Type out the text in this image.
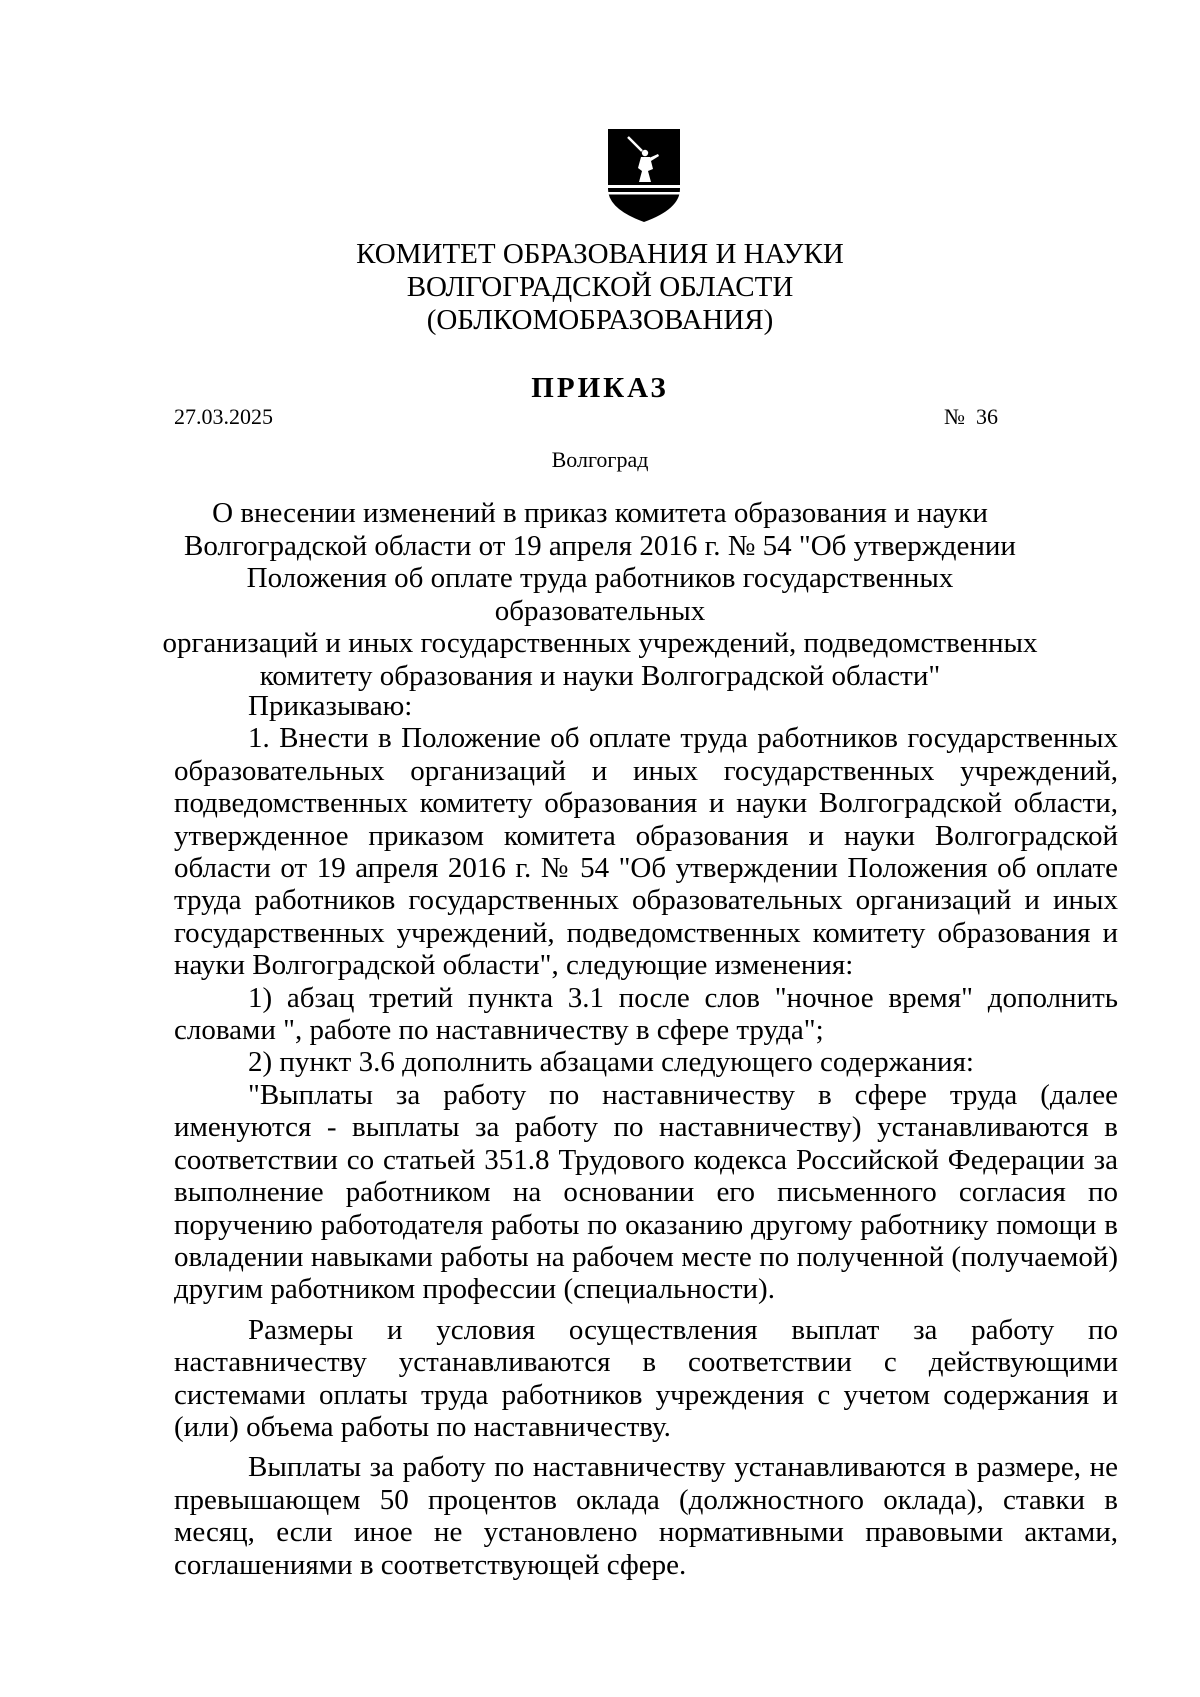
КОМИТЕТ ОБРАЗОВАНИЯ И НАУКИ
ВОЛГОГРАДСКОЙ ОБЛАСТИ
(ОБЛКОМОБРАЗОВАНИЯ)
ПРИКАЗ
27.03.2025	№  36
Волгоград
О внесении изменений в приказ комитета образования и науки
Волгоградской области от 19 апреля 2016 г. № 54 "Об утверждении
Положения об оплате труда работников государственных образовательных
организаций и иных государственных учреждений, подведомственных
комитету образования и науки Волгоградской области"

Приказываю:

1. Внести в Положение об оплате труда работников государственных образовательных организаций и иных государственных учреждений, подведомственных комитету образования и науки Волгоградской области, утвержденное приказом комитета образования и науки Волгоградской области от 19 апреля 2016 г. № 54 "Об утверждении Положения об оплате труда работников государственных образовательных организаций и иных государственных учреждений, подведомственных комитету образования и науки Волгоградской области", следующие изменения:

1) абзац третий пункта 3.1 после слов "ночное время" дополнить словами ", работе по наставничеству в сфере труда";

2) пункт 3.6 дополнить абзацами следующего содержания:

"Выплаты за работу по наставничеству в сфере труда (далее именуются - выплаты за работу по наставничеству) устанавливаются в соответствии со статьей 351.8 Трудового кодекса Российской Федерации за выполнение работником на основании его письменного согласия по поручению работодателя работы по оказанию другому работнику помощи в овладении навыками работы на рабочем месте по полученной (получаемой) другим работником профессии (специальности).

Размеры и условия осуществления выплат за работу по наставничеству устанавливаются в соответствии с действующими системами оплаты труда работников учреждения с учетом содержания и (или) объема работы по наставничеству.

Выплаты за работу по наставничеству устанавливаются в размере, не превышающем 50 процентов оклада (должностного оклада), ставки в месяц, если иное не установлено нормативными правовыми актами, соглашениями в соответствующей сфере.
